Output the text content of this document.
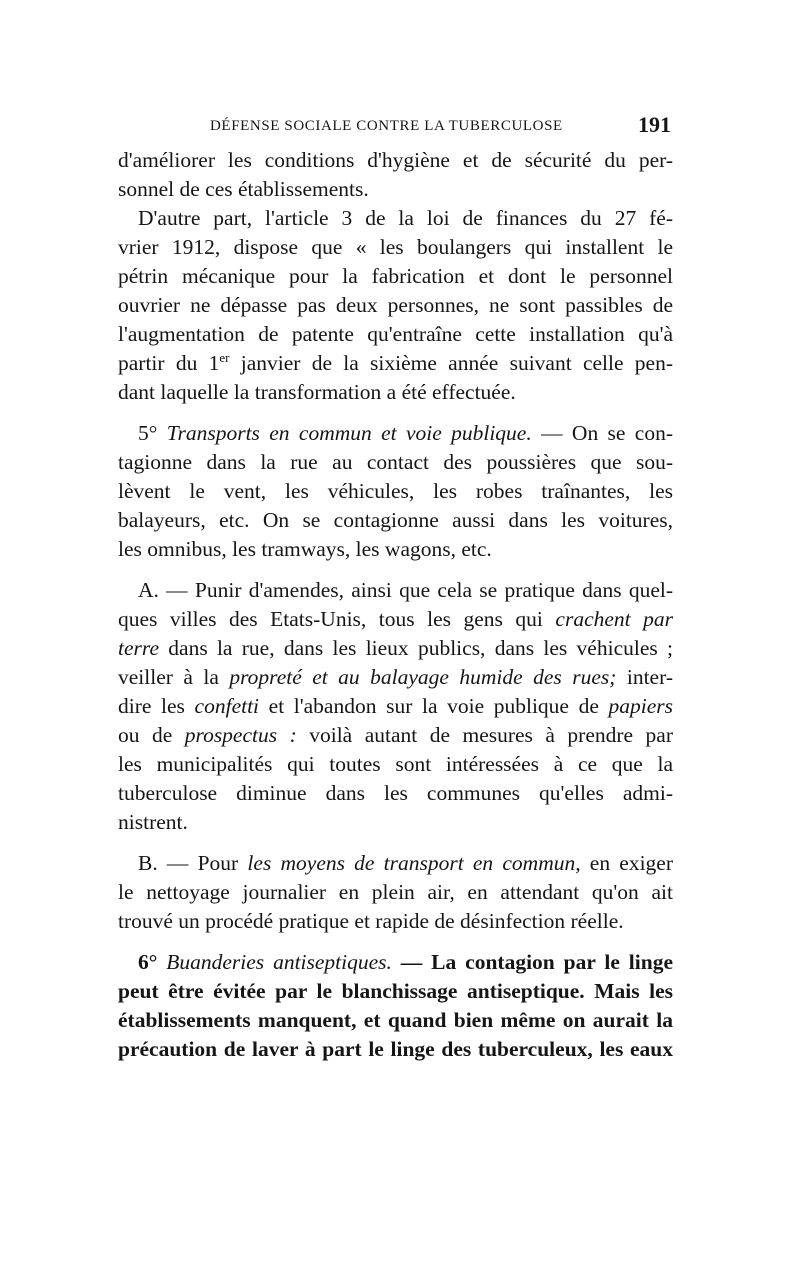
DÉFENSE SOCIALE CONTRE LA TUBERCULOSE	191

d'améliorer les conditions d'hygiène et de sécurité du per-
sonnel de ces établissements.

D'autre part, l'article 3 de la loi de finances du 27 fé-
vrier 1912, dispose que « les boulangers qui installent le
pétrin mécanique pour la fabrication et dont le personnel
ouvrier ne dépasse pas deux personnes, ne sont passibles de
l'augmentation de patente qu'entraîne cette installation qu'à
partir du 1er janvier de la sixième année suivant celle pen-
dant laquelle la transformation a été effectuée.

5° Transports en commun et voie publique. — On se con-
tagionne dans la rue au contact des poussières que sou-
lèvent le vent, les véhicules, les robes traînantes, les
balayeurs, etc. On se contagionne aussi dans les voitures,
les omnibus, les tramways, les wagons, etc.

A. — Punir d'amendes, ainsi que cela se pratique dans quel-
ques villes des Etats-Unis, tous les gens qui crachent par
terre dans la rue, dans les lieux publics, dans les véhicules ;
veiller à la propreté et au balayage humide des rues; inter-
dire les confetti et l'abandon sur la voie publique de papiers
ou de prospectus : voilà autant de mesures à prendre par
les municipalités qui toutes sont intéressées à ce que la
tuberculose diminue dans les communes qu'elles admi-
nistrent.

B. — Pour les moyens de transport en commun, en exiger
le nettoyage journalier en plein air, en attendant qu'on ait
trouvé un procédé pratique et rapide de désinfection réelle.

6° Buanderies antiseptiques. — La contagion par le linge
peut être évitée par le blanchissage antiseptique. Mais les
établissements manquent, et quand bien même on aurait la
précaution de laver à part le linge des tuberculeux, les eaux
